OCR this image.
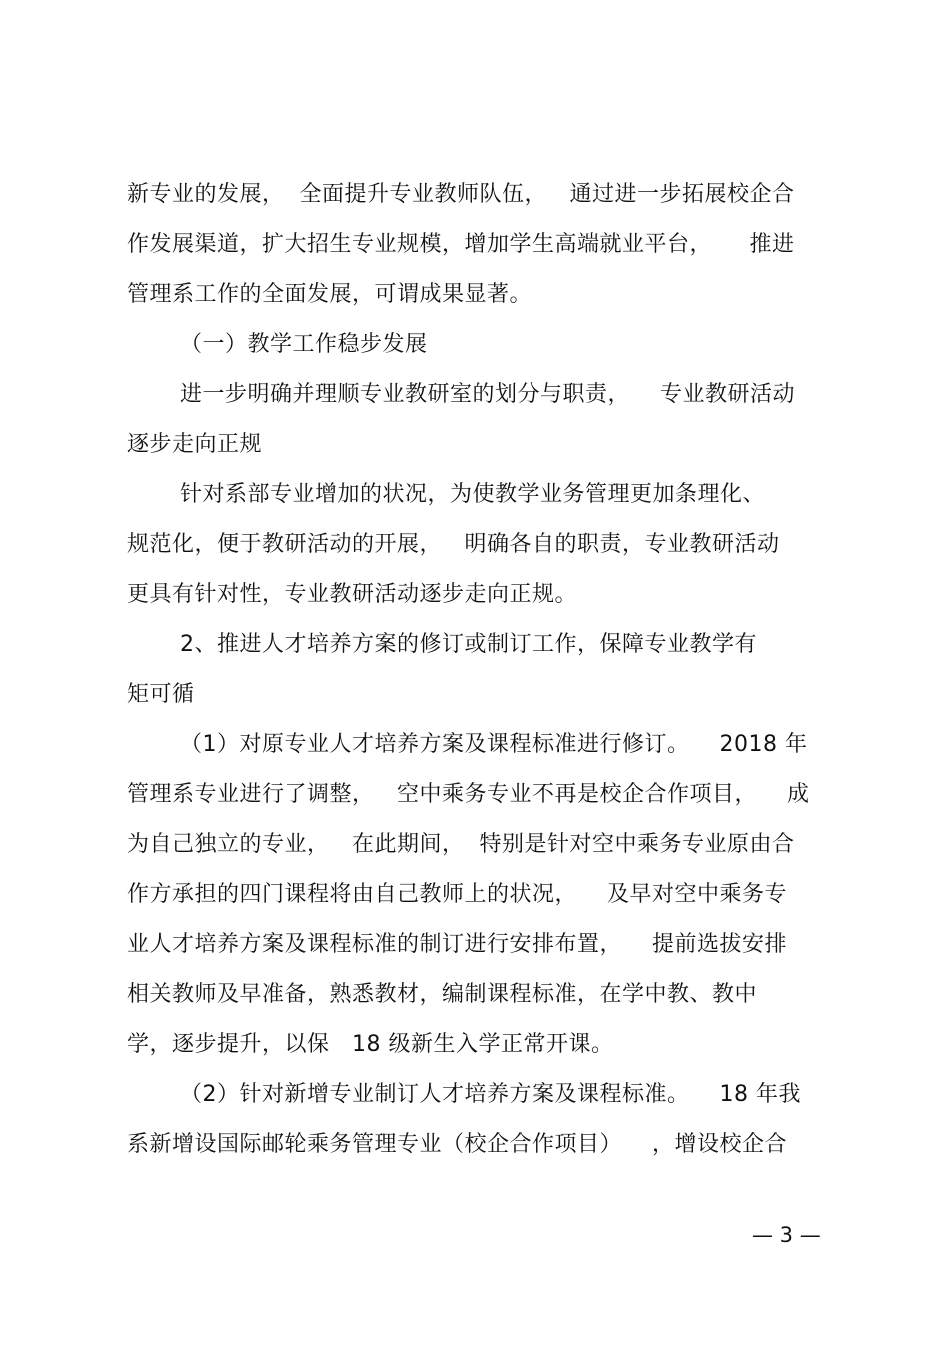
新专业的发展，  全面提升专业教师队伍，   通过进一步拓展校企合
作发展渠道，扩大招生专业规模，增加学生高端就业平台，     推进
管理系工作的全面发展，可谓成果显著。
（一）教学工作稳步发展
进一步明确并理顺专业教研室的划分与职责，    专业教研活动
逐步走向正规
针对系部专业增加的状况，为使教学业务管理更加条理化、
规范化，便于教研活动的开展，   明确各自的职责，专业教研活动
更具有针对性，专业教研活动逐步走向正规。
2、推进人才培养方案的修订或制订工作，保障专业教学有
矩可循
（1）对原专业人才培养方案及课程标准进行修订。    2018 年
管理系专业进行了调整，   空中乘务专业不再是校企合作项目，    成
为自己独立的专业，   在此期间，  特别是针对空中乘务专业原由合
作方承担的四门课程将由自己教师上的状况，    及早对空中乘务专
业人才培养方案及课程标准的制订进行安排布置，    提前选拔安排
相关教师及早准备，熟悉教材，编制课程标准，在学中教、教中
学，逐步提升，以保   18 级新生入学正常开课。
（2）针对新增专业制订人才培养方案及课程标准。    18 年我
系新增设国际邮轮乘务管理专业（校企合作项目）    ，增设校企合
— 3 —
